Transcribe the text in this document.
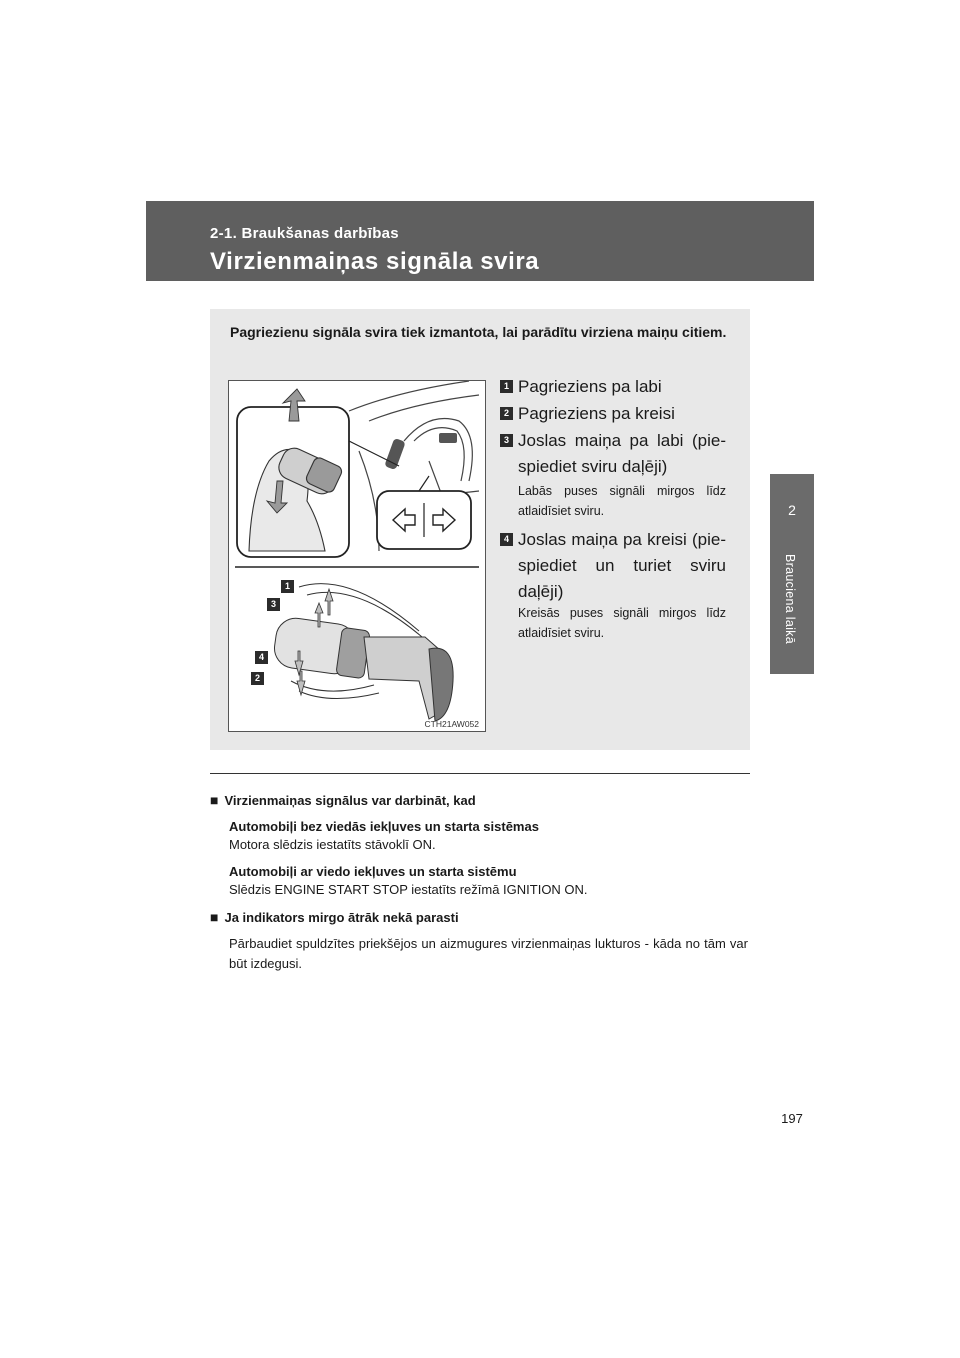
2-1. Braukšanas darbības
Virzienmaiņas signāla svira
2
Brauciena laikā
Pagriezienu signāla svira tiek izmantota, lai parādītu virziena maiņu citiem.
1
3
4
2
CTH21AW052
1 Pagrieziens pa labi
2 Pagrieziens pa kreisi
3 Joslas maiņa pa labi (pie-spiediet sviru daļēji)
Labās puses signāli mirgos līdz atlaidīsiet sviru.
4 Joslas maiņa pa kreisi (pie-spiediet un turiet sviru daļēji)
Kreisās puses signāli mirgos līdz atlaidīsiet sviru.
■ Virzienmaiņas signālus var darbināt, kad
Automobiļi bez viedās iekļuves un starta sistēmas
Motora slēdzis iestatīts stāvoklī ON.
Automobiļi ar viedo iekļuves un starta sistēmu
Slēdzis ENGINE START STOP iestatīts režīmā IGNITION ON.
■ Ja indikators mirgo ātrāk nekā parasti
Pārbaudiet spuldzītes priekšējos un aizmugures virzienmaiņas lukturos - kāda no tām var būt izdegusi.
197
